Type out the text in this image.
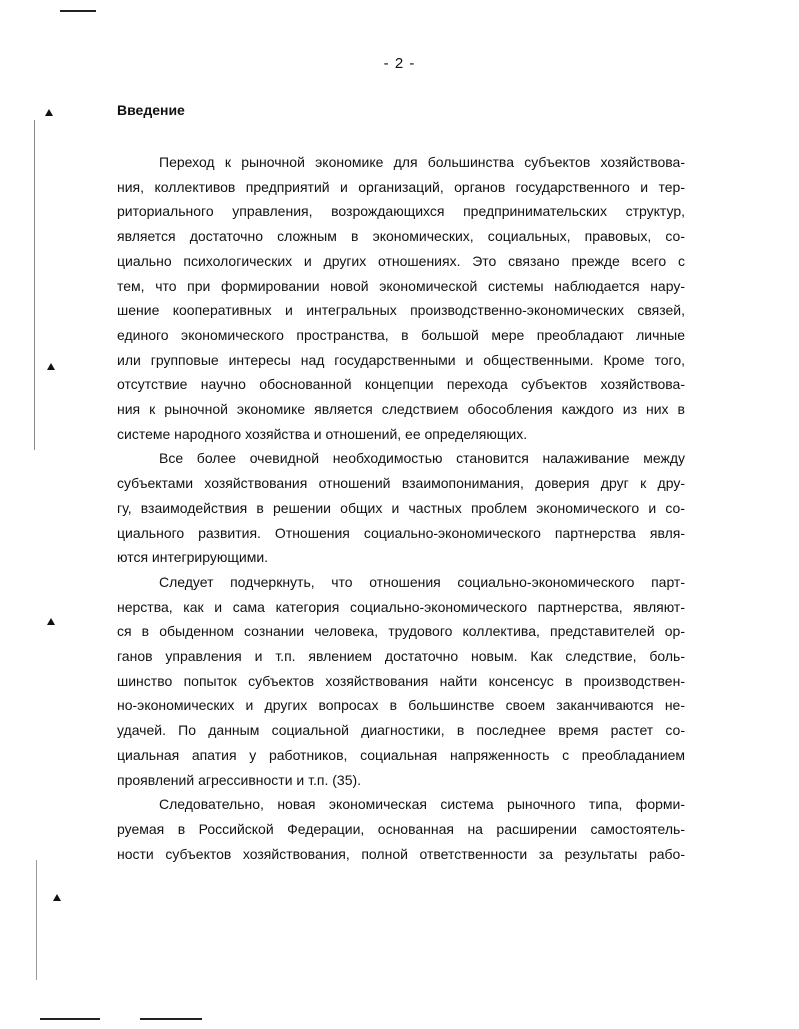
- 2 -
Введение

Переход к рыночной экономике для большинства субъектов хозяйствова-
ния, коллективов предприятий и организаций, органов государственного и тер-
риториального управления, возрождающихся предпринимательских структур,
является достаточно сложным в экономических, социальных, правовых, со-
циально психологических и других отношениях. Это связано прежде всего с
тем, что при формировании новой экономической системы наблюдается нару-
шение кооперативных и интегральных производственно-экономических связей,
единого экономического пространства, в большой мере преобладают личные
или групповые интересы над государственными и общественными. Кроме того,
отсутствие научно обоснованной концепции перехода субъектов хозяйствова-
ния к рыночной экономике является следствием обособления каждого из них в
системе народного хозяйства и отношений, ее определяющих.

Все более очевидной необходимостью становится налаживание между
субъектами хозяйствования отношений взаимопонимания, доверия друг к дру-
гу, взаимодействия в решении общих и частных проблем экономического и со-
циального развития. Отношения социально-экономического партнерства явля-
ются интегрирующими.

Следует подчеркнуть, что отношения социально-экономического парт-
нерства, как и сама категория социально-экономического партнерства, являют-
ся в обыденном сознании человека, трудового коллектива, представителей ор-
ганов управления и т.п. явлением достаточно новым. Как следствие, боль-
шинство попыток субъектов хозяйствования найти консенсус в производствен-
но-экономических и других вопросах в большинстве своем заканчиваются не-
удачей. По данным социальной диагностики, в последнее время растет со-
циальная апатия у работников, социальная напряженность с преобладанием
проявлений агрессивности и т.п. (35).

Следовательно, новая экономическая система рыночного типа, форми-
руемая в Российской Федерации, основанная на расширении самостоятель-
ности субъектов хозяйствования, полной ответственности за результаты рабо-
